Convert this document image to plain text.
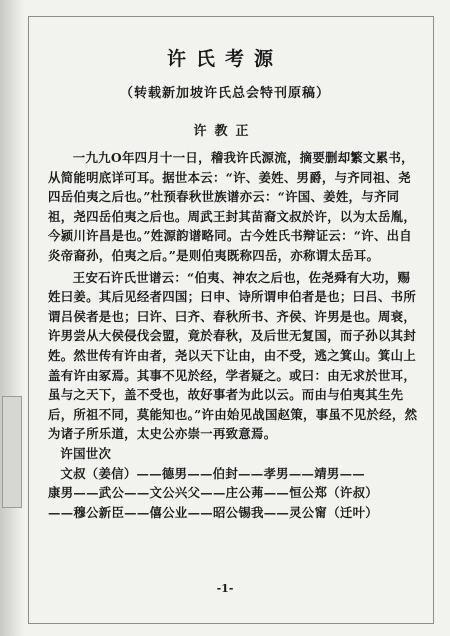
许氏考源
（转载新加坡许氏总会特刊原稿）
许教正

一九九O年四月十一日，稽我许氏源流，摘要删却繁文累书，从简能明底详可耳。据世本云：“许、姜姓、男爵，与齐同祖、尧四岳伯夷之后也。”杜预春秋世族谱亦云：“许国、姜姓，与齐同祖，尧四岳伯夷之后也。周武王封其苗裔文叔於许，以为太岳胤，今颍川许昌是也。”姓源韵谱略同。古今姓氏书辩证云：“许、出自炎帝裔孙，伯夷之后。”是则伯夷既称四岳，亦称谓太岳耳。

王安石许氏世谱云：“伯夷、神农之后也，佐尧舜有大功，赐姓曰姜。其后见经者四国；曰申、诗所谓申伯者是也；曰吕、书所谓吕侯者是也；曰许、曰齐、春秋所书、齐侯、许男是也。周衰，许男尝从大侯侵伐会盟，竟於春秋，及后世无复国，而子孙以其封姓。然世传有许由者，尧以天下让由，由不受，逃之箕山。箕山上盖有许由冢焉。其事不见於经，学者疑之。或曰：由无求於世耳，虽与之天下，盖不受也，故好事者为此以云。而由与伯夷其生先后，所祖不同，莫能知也。”许由始见战国赵策，事虽不见於经，然为诸子所乐道，太史公亦崇一再致意焉。

许国世次

文叔（姜信）——德男——伯封——孝男——靖男——
康男——武公——文公兴父——庄公茀——恒公郑（许叔）
——穆公新臣——僖公业——昭公锡我——灵公甯（迁叶）
-1-
